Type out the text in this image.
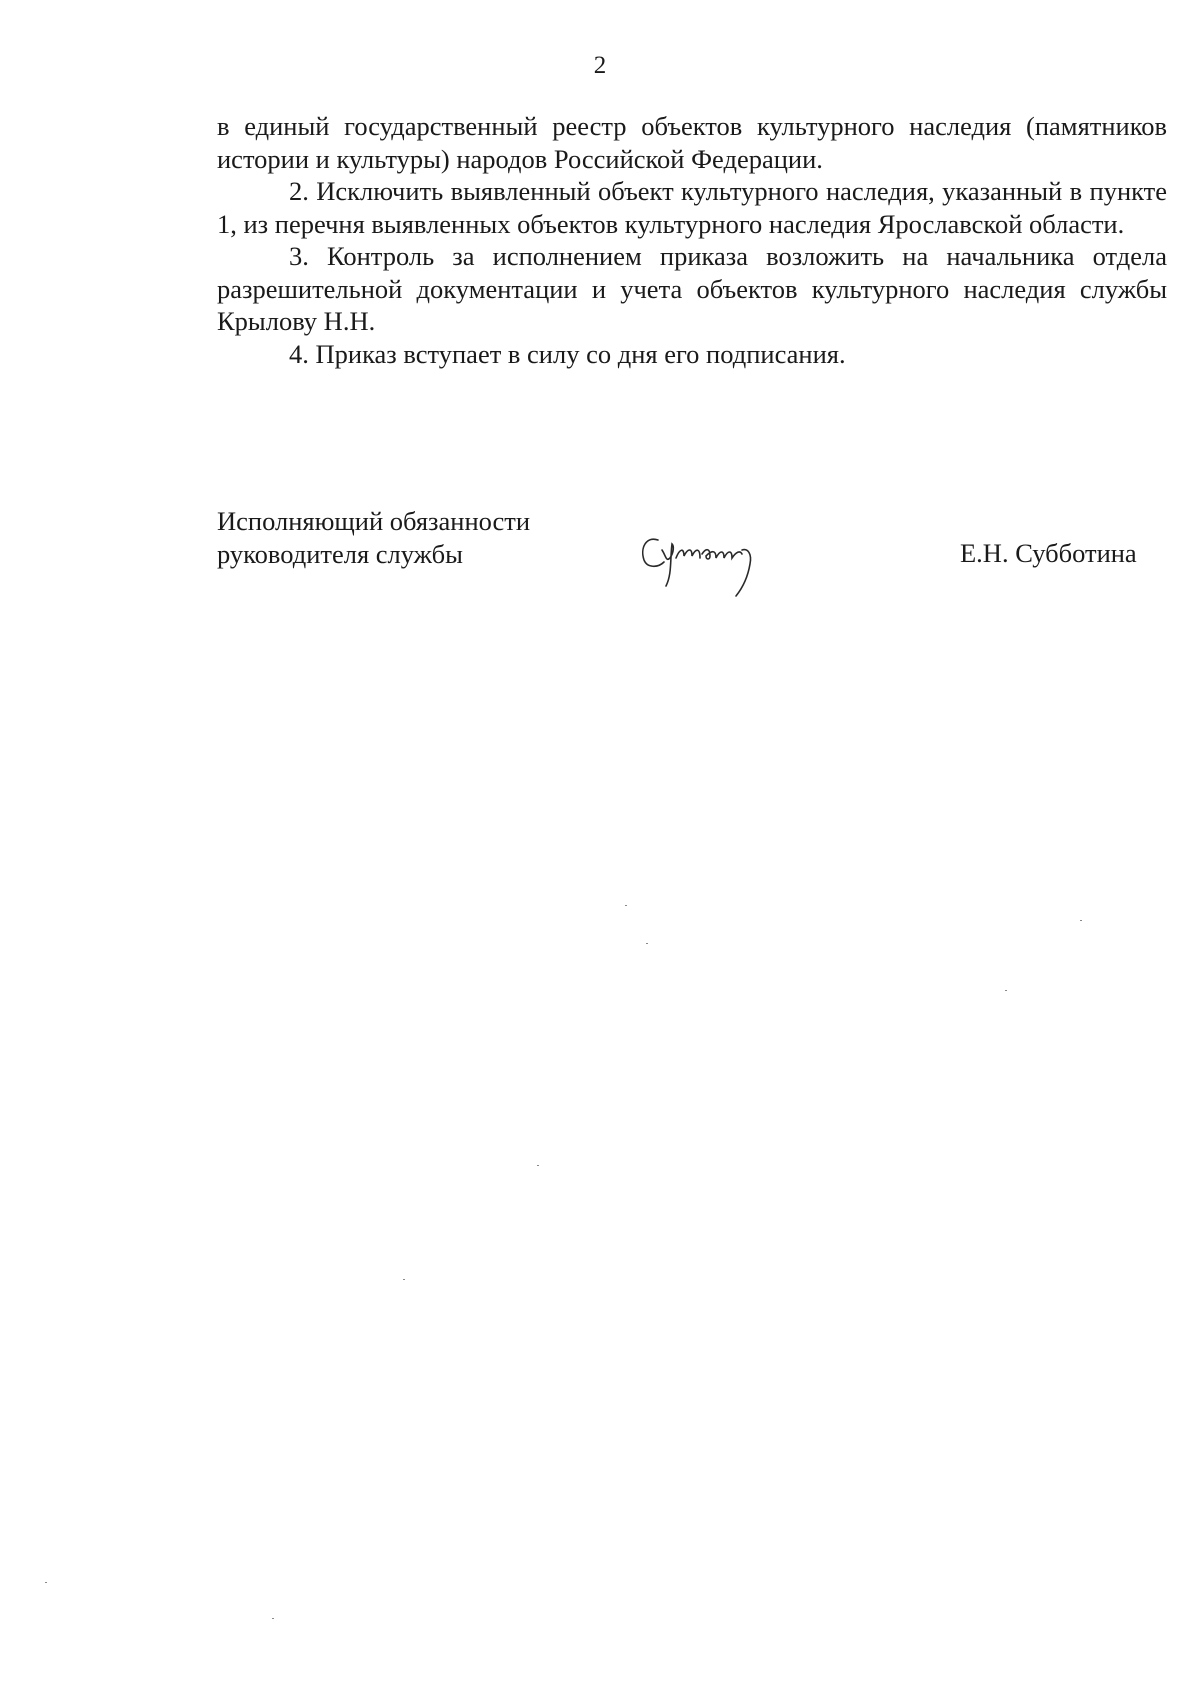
2

в единый государственный реестр объектов культурного наследия (памятников истории и культуры) народов Российской Федерации.

2. Исключить выявленный объект культурного наследия, указанный в пункте 1, из перечня выявленных объектов культурного наследия Ярославской области.

3. Контроль за исполнением приказа возложить на начальника отдела разрешительной документации и учета объектов культурного наследия службы Крылову Н.Н.

4. Приказ вступает в силу со дня его подписания.

Исполняющий обязанности
руководителя службы	Е.Н. Субботина
